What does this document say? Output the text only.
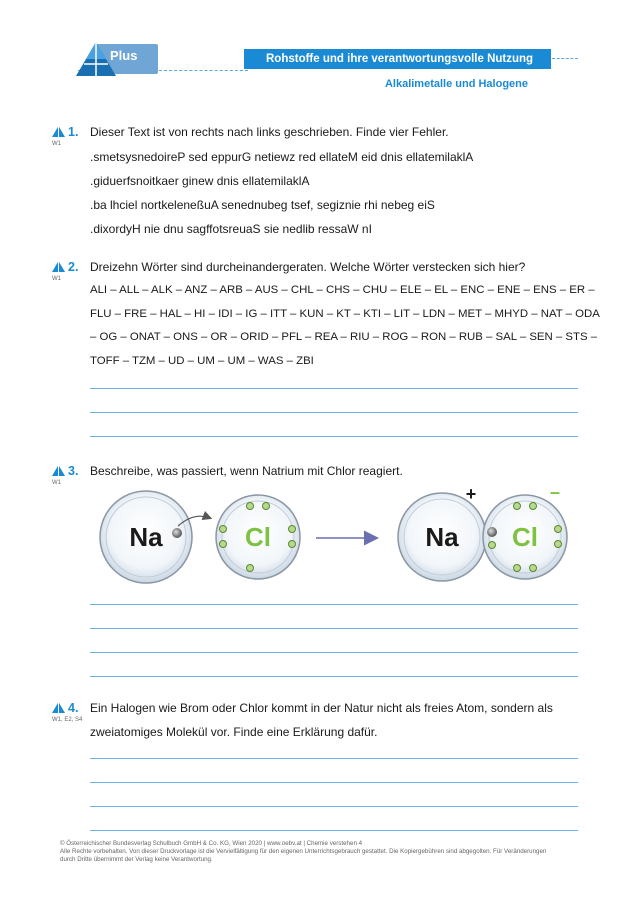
Plus	Rohstoffe und ihre verantwortungsvolle Nutzung
Alkalimetalle und Halogene
1.
W1
Dieser Text ist von rechts nach links geschrieben. Finde vier Fehler.
.smetsysnedoireP sed eppurG netiewz red ellateM eid dnis ellatemilaklA
.giduerfsnoitkaer ginew dnis ellatemilaklA
.ba lhciel nortkeleneßuA senednubeg tsef, segiznie rhi nebeg eiS
.dixordyH nie dnu sagffotsreuaS sie nedlib ressaW nI
2.
W1
Dreizehn Wörter sind durcheinandergeraten. Welche Wörter verstecken sich hier?
ALI – ALL – ALK – ANZ – ARB – AUS – CHL – CHS – CHU – ELE – EL – ENC – ENE – ENS – ER –
FLU – FRE – HAL – HI – IDI – IG – ITT – KUN – KT – KTI – LIT – LDN – MET – MHYD – NAT – ODA
– OG – ONAT – ONS – OR – ORID – PFL – REA – RIU – ROG – RON – RUB – SAL – SEN – STS –
TOFF – TZM – UD – UM – UM – WAS – ZBI
3.
W1
Beschreibe, was passiert, wenn Natrium mit Chlor reagiert.
Na	Cl	Na
+
Cl
–
4.
W1, E2, S4
Ein Halogen wie Brom oder Chlor kommt in der Natur nicht als freies Atom, sondern als
zweiatomiges Molekül vor. Finde eine Erklärung dafür.
© Österreichischer Bundesverlag Schulbuch GmbH & Co. KG, Wien 2020 | www.oebv.at | Chemie verstehen 4
Alle Rechte vorbehalten. Von dieser Druckvorlage ist die Vervielfältigung für den eigenen Unterrichtsgebrauch gestattet. Die Kopiergebühren sind abgegolten. Für Veränderungen
durch Dritte übernimmt der Verlag keine Verantwortung.
